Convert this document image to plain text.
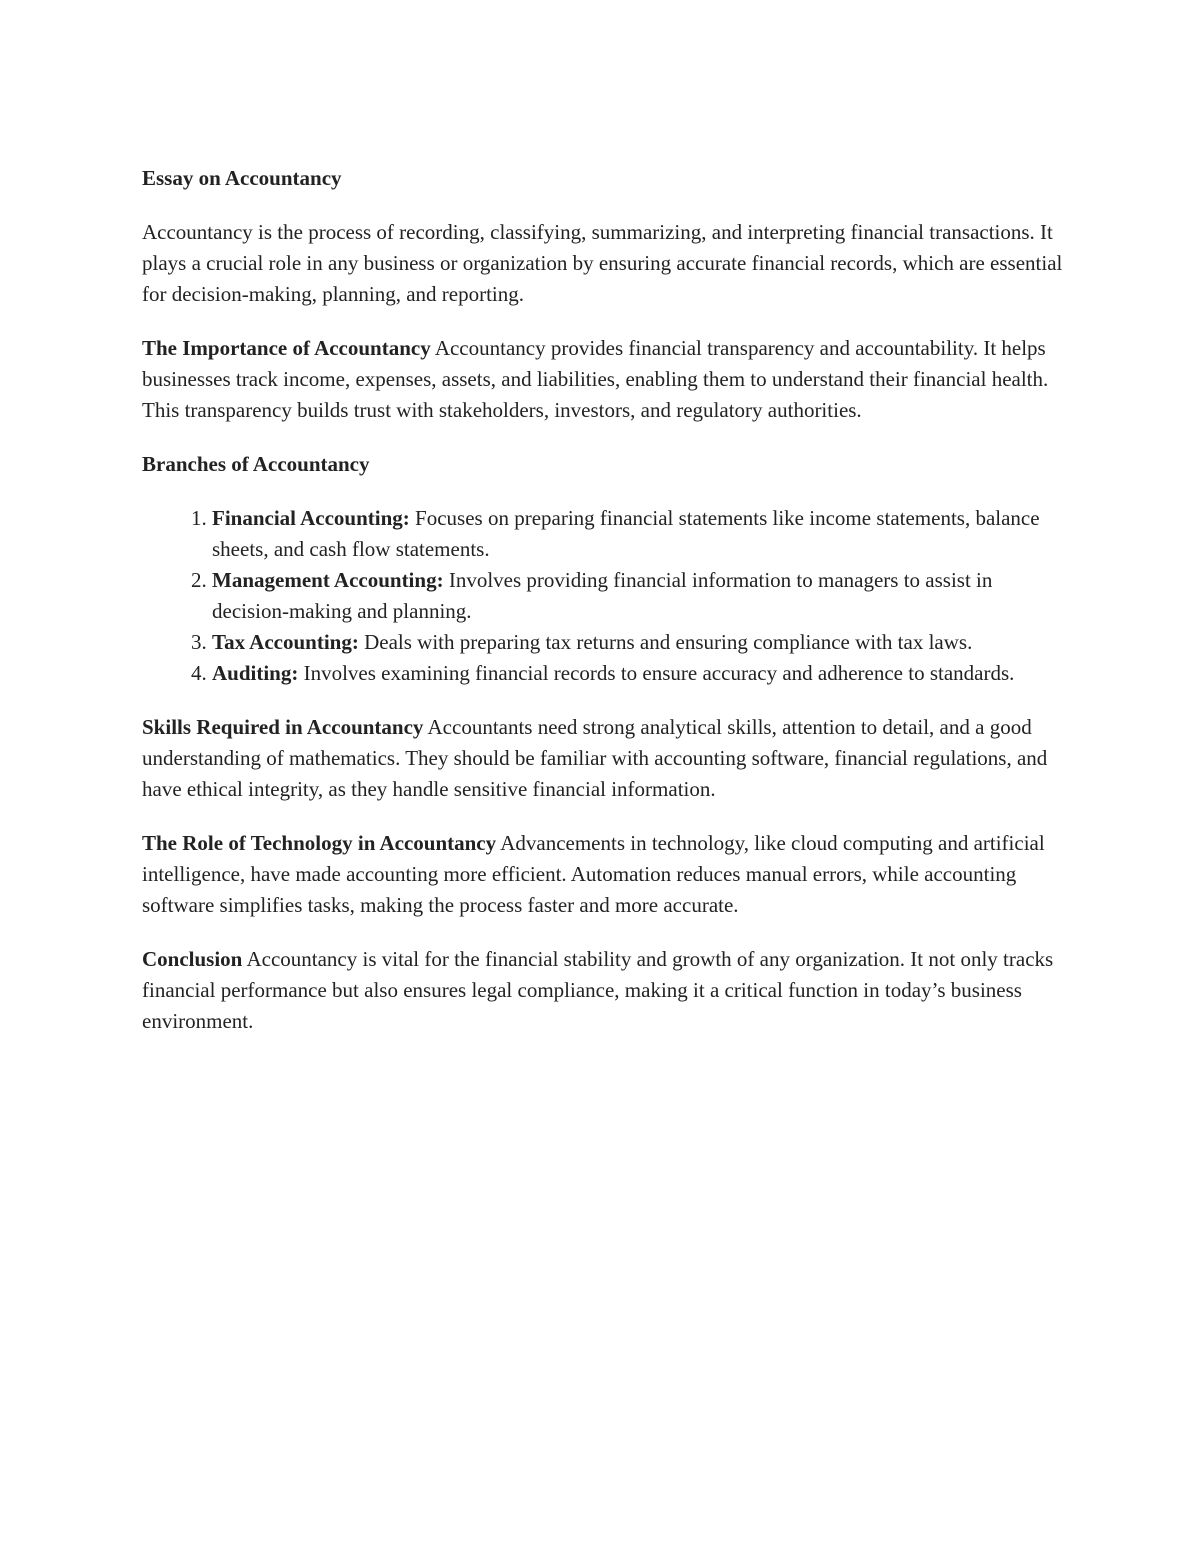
Essay on Accountancy

Accountancy is the process of recording, classifying, summarizing, and interpreting financial transactions. It plays a crucial role in any business or organization by ensuring accurate financial records, which are essential for decision-making, planning, and reporting.

The Importance of Accountancy Accountancy provides financial transparency and accountability. It helps businesses track income, expenses, assets, and liabilities, enabling them to understand their financial health. This transparency builds trust with stakeholders, investors, and regulatory authorities.

Branches of Accountancy
1. Financial Accounting: Focuses on preparing financial statements like income statements, balance sheets, and cash flow statements.
2. Management Accounting: Involves providing financial information to managers to assist in decision-making and planning.
3. Tax Accounting: Deals with preparing tax returns and ensuring compliance with tax laws.
4. Auditing: Involves examining financial records to ensure accuracy and adherence to standards.

Skills Required in Accountancy Accountants need strong analytical skills, attention to detail, and a good understanding of mathematics. They should be familiar with accounting software, financial regulations, and have ethical integrity, as they handle sensitive financial information.

The Role of Technology in Accountancy Advancements in technology, like cloud computing and artificial intelligence, have made accounting more efficient. Automation reduces manual errors, while accounting software simplifies tasks, making the process faster and more accurate.

Conclusion Accountancy is vital for the financial stability and growth of any organization. It not only tracks financial performance but also ensures legal compliance, making it a critical function in today’s business environment.
